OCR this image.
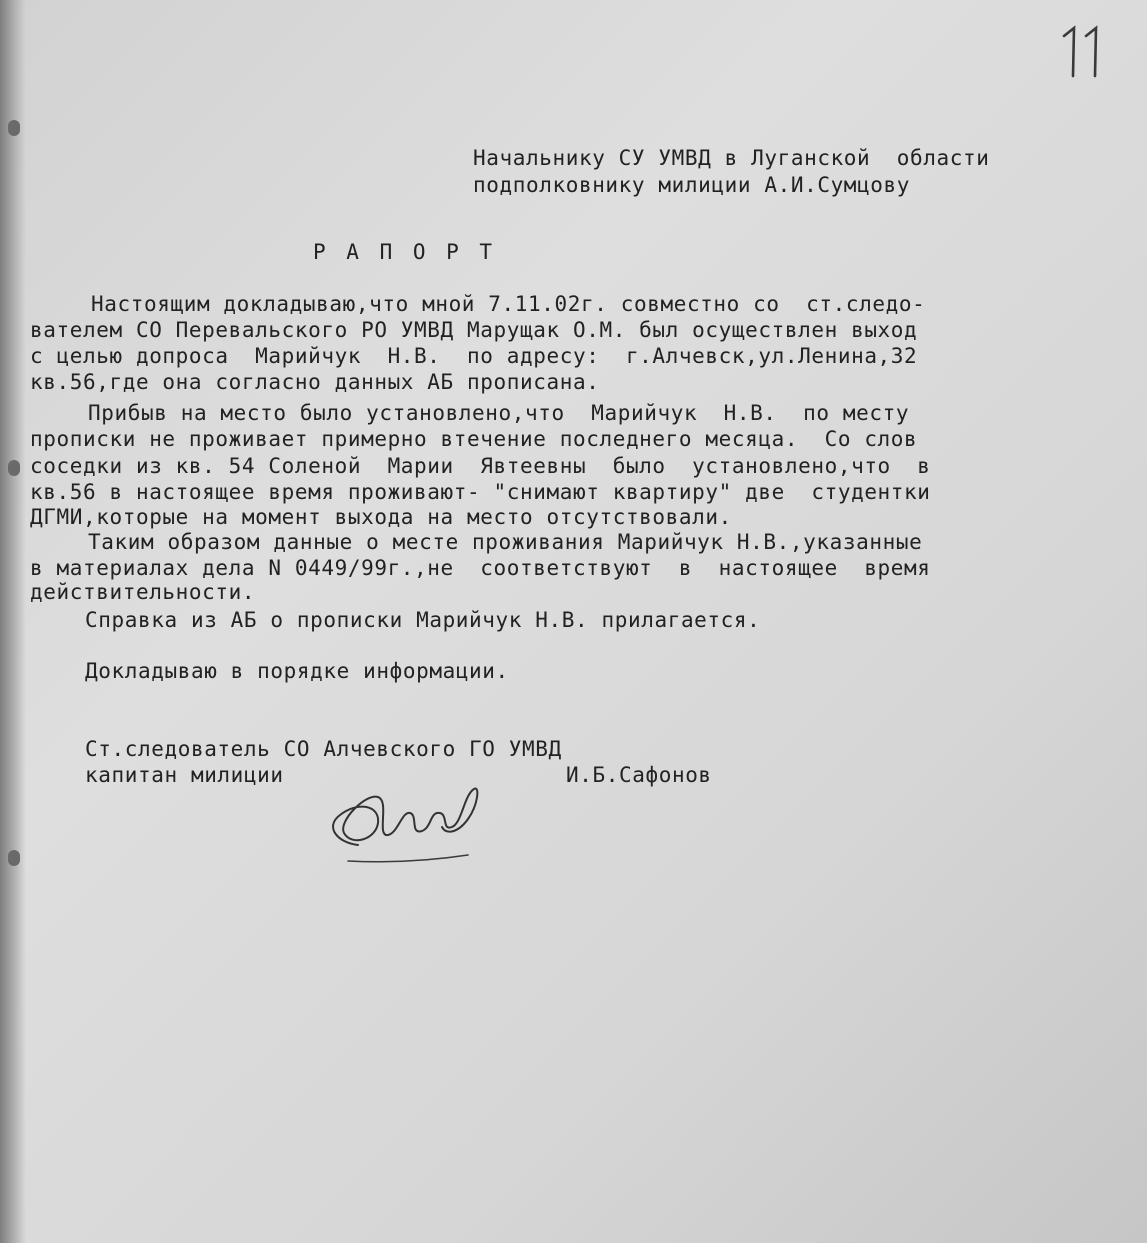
Начальнику СУ УМВД в Луганской  области

подполковнику милиции А.И.Сумцову

Р А П О Р Т

Настоящим докладываю,что мной 7.11.02г. совместно со  ст.следо-

вателем СО Перевальского РО УМВД Марущак О.М. был осуществлен выход

с целью допроса  Марийчук  Н.В.  по адресу:  г.Алчевск,ул.Ленина,32

кв.56,где она согласно данных АБ прописана.

Прибыв на место было установлено,что  Марийчук  Н.В.  по месту

прописки не проживает примерно втечение последнего месяца.  Со слов

соседки из кв. 54 Соленой  Марии  Явтеевны  было  установлено,что  в

кв.56 в настоящее время проживают- "снимают квартиру" две  студентки

ДГМИ,которые на момент выхода на место отсутствовали.

Таким образом данные о месте проживания Марийчук Н.В.,указанные

в материалах дела N 0449/99г.,не  соответствуют  в  настоящее  время

действительности.

Справка из АБ о прописки Марийчук Н.В. прилагается.

Докладываю в порядке информации.

Ст.следователь СО Алчевского ГО УМВД

капитан милиции	И.Б.Сафонов
